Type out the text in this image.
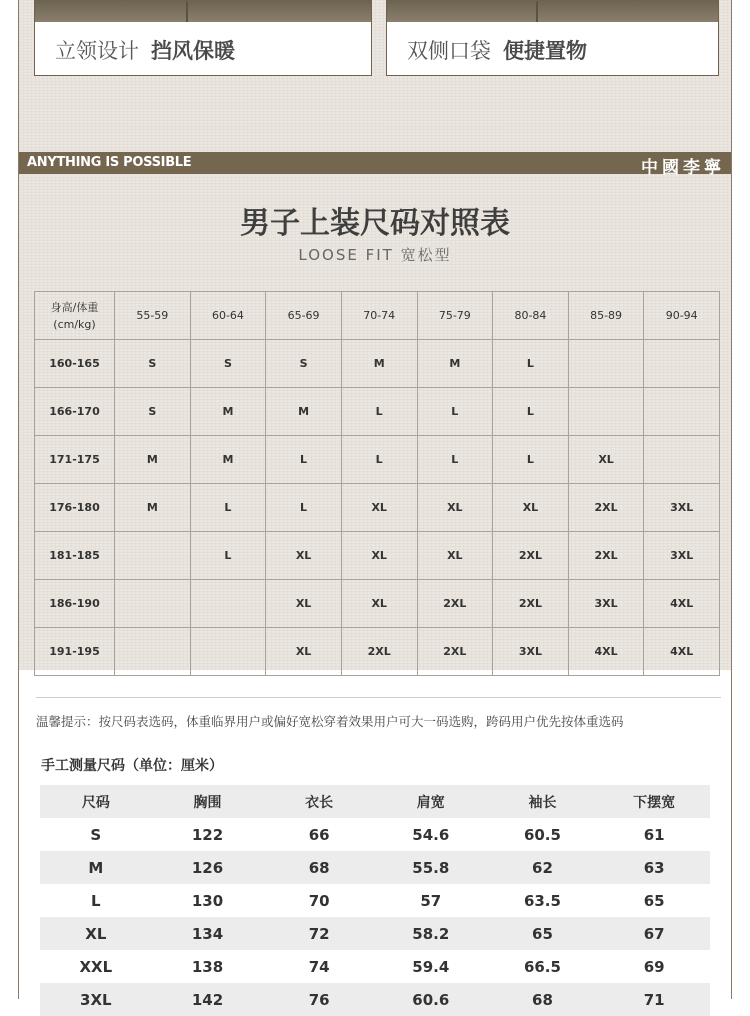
立领设计 挡风保暖	双侧口袋 便捷置物
ANYTHING IS POSSIBLE	中國李寧
男子上装尺码对照表
LOOSE FIT 宽松型
身高/体重
(cm/kg)	55-59	60-64	65-69	70-74	75-79	80-84	85-89	90-94
160-165	S	S	S	M	M	L		
166-170	S	M	M	L	L	L		
171-175	M	M	L	L	L	L	XL	
176-180	M	L	L	XL	XL	XL	2XL	3XL
181-185		L	XL	XL	XL	2XL	2XL	3XL
186-190			XL	XL	2XL	2XL	3XL	4XL
191-195			XL	2XL	2XL	3XL	4XL	4XL
温馨提示：按尺码表选码，体重临界用户或偏好宽松穿着效果用户可大一码选购，跨码用户优先按体重选码
手工测量尺码（单位：厘米）
尺码	胸围	衣长	肩宽	袖长	下摆宽
S	122	66	54.6	60.5	61
M	126	68	55.8	62	63
L	130	70	57	63.5	65
XL	134	72	58.2	65	67
XXL	138	74	59.4	66.5	69
3XL	142	76	60.6	68	71
